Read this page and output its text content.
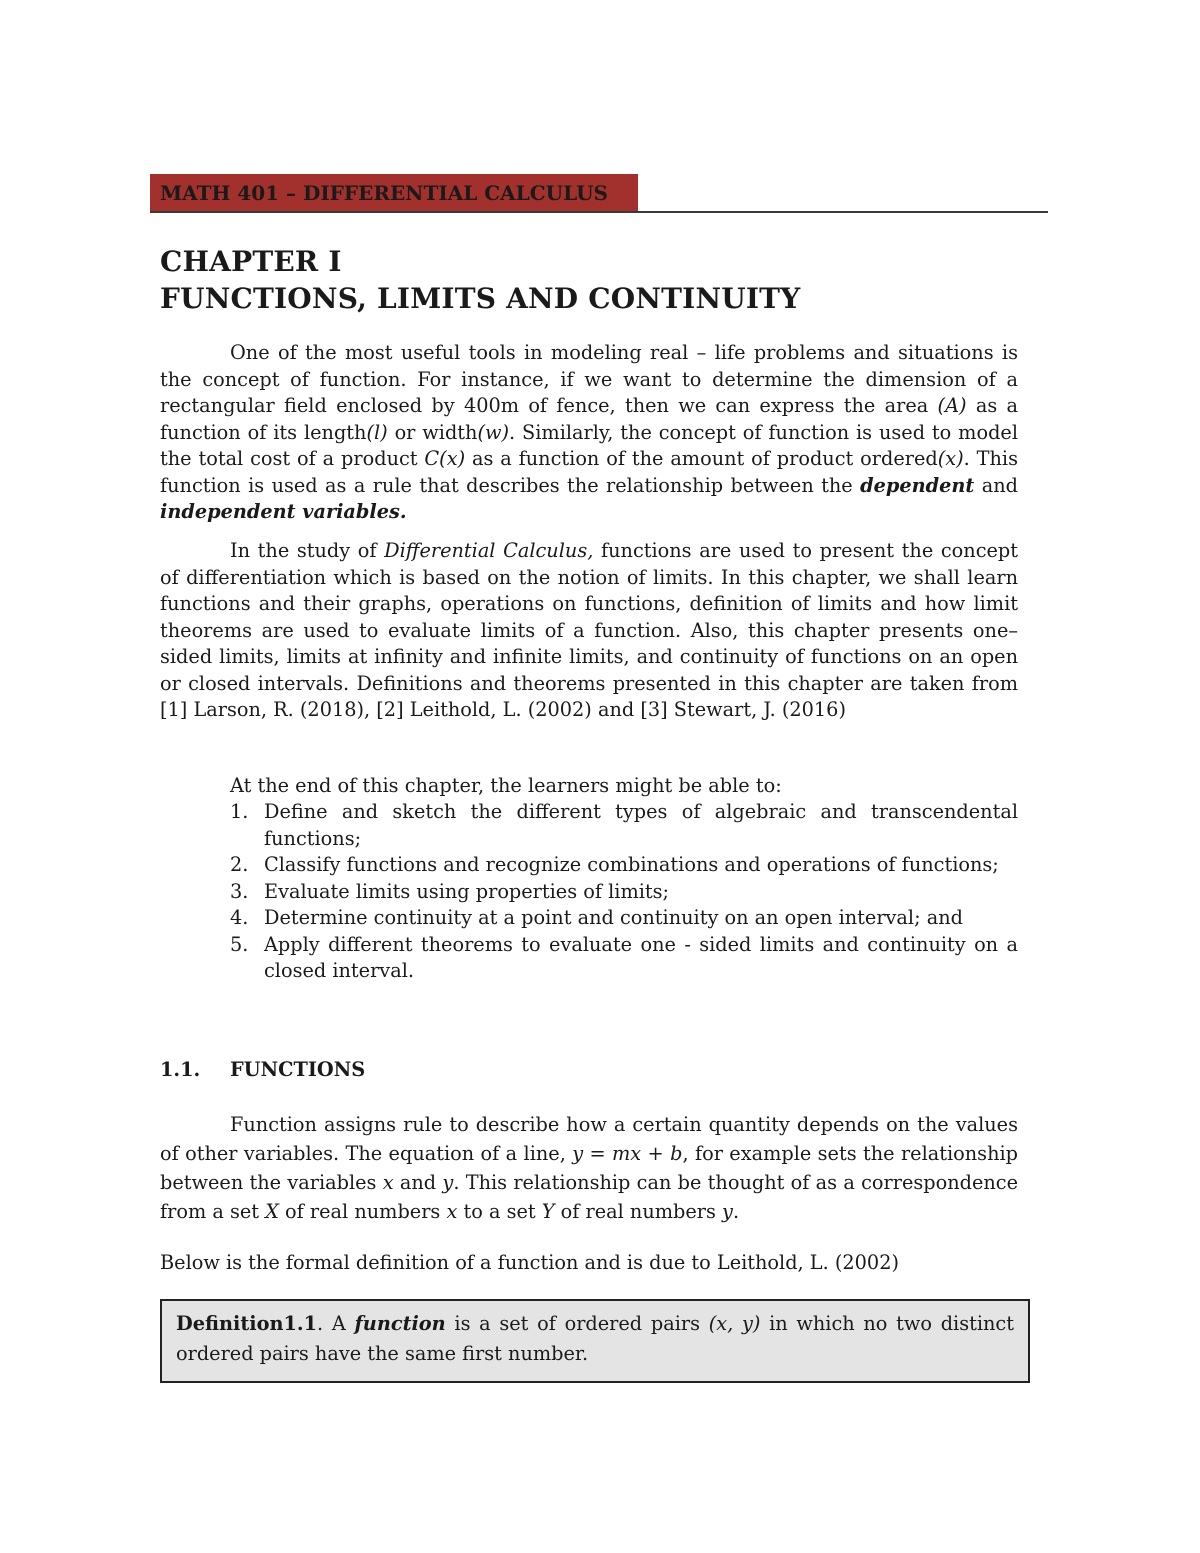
MATH 401 – DIFFERENTIAL CALCULUS
CHAPTER I
FUNCTIONS, LIMITS AND CONTINUITY

One of the most useful tools in modeling real – life problems and situations is the concept of function. For instance, if we want to determine the dimension of a rectangular field enclosed by 400m of fence, then we can express the area (A) as a function of its length(l) or width(w). Similarly, the concept of function is used to model the total cost of a product C(x) as a function of the amount of product ordered(x). This function is used as a rule that describes the relationship between the dependent and independent variables.

In the study of Differential Calculus, functions are used to present the concept of differentiation which is based on the notion of limits. In this chapter, we shall learn functions and their graphs, operations on functions, definition of limits and how limit theorems are used to evaluate limits of a function. Also, this chapter presents one–sided limits, limits at infinity and infinite limits, and continuity of functions on an open or closed intervals. Definitions and theorems presented in this chapter are taken from [1] Larson, R. (2018), [2] Leithold, L. (2002) and [3] Stewart, J. (2016)

At the end of this chapter, the learners might be able to:
1. Define and sketch the different types of algebraic and transcendental functions;
2. Classify functions and recognize combinations and operations of functions;
3. Evaluate limits using properties of limits;
4. Determine continuity at a point and continuity on an open interval; and
5. Apply different theorems to evaluate one - sided limits and continuity on a closed interval.
1.1. FUNCTIONS

Function assigns rule to describe how a certain quantity depends on the values of other variables. The equation of a line, y = mx + b, for example sets the relationship between the variables x and y. This relationship can be thought of as a correspondence from a set X of real numbers x to a set Y of real numbers y.

Below is the formal definition of a function and is due to Leithold, L. (2002)
Definition1.1. A function is a set of ordered pairs (x, y) in which no two distinct ordered pairs have the same first number.
